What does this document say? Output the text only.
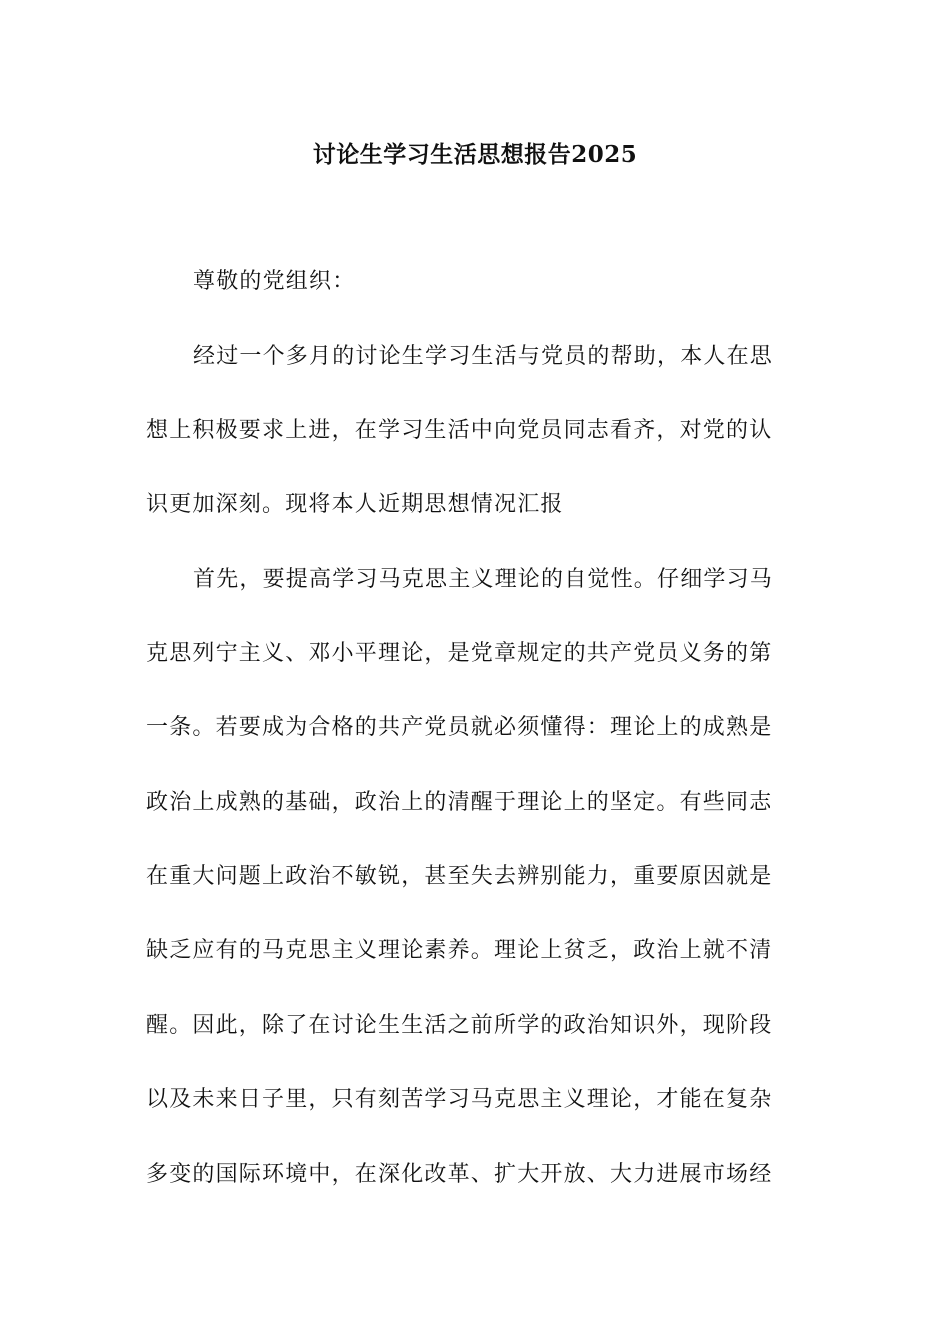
讨论生学习生活思想报告2025
尊敬的党组织：
经过一个多月的讨论生学习生活与党员的帮助，本人在思
想上积极要求上进，在学习生活中向党员同志看齐，对党的认
识更加深刻。现将本人近期思想情况汇报
首先，要提高学习马克思主义理论的自觉性。仔细学习马
克思列宁主义、邓小平理论，是党章规定的共产党员义务的第
一条。若要成为合格的共产党员就必须懂得：理论上的成熟是
政治上成熟的基础，政治上的清醒于理论上的坚定。有些同志
在重大问题上政治不敏锐，甚至失去辨别能力，重要原因就是
缺乏应有的马克思主义理论素养。理论上贫乏，政治上就不清
醒。因此，除了在讨论生生活之前所学的政治知识外，现阶段
以及未来日子里，只有刻苦学习马克思主义理论，才能在复杂
多变的国际环境中，在深化改革、扩大开放、大力进展市场经
